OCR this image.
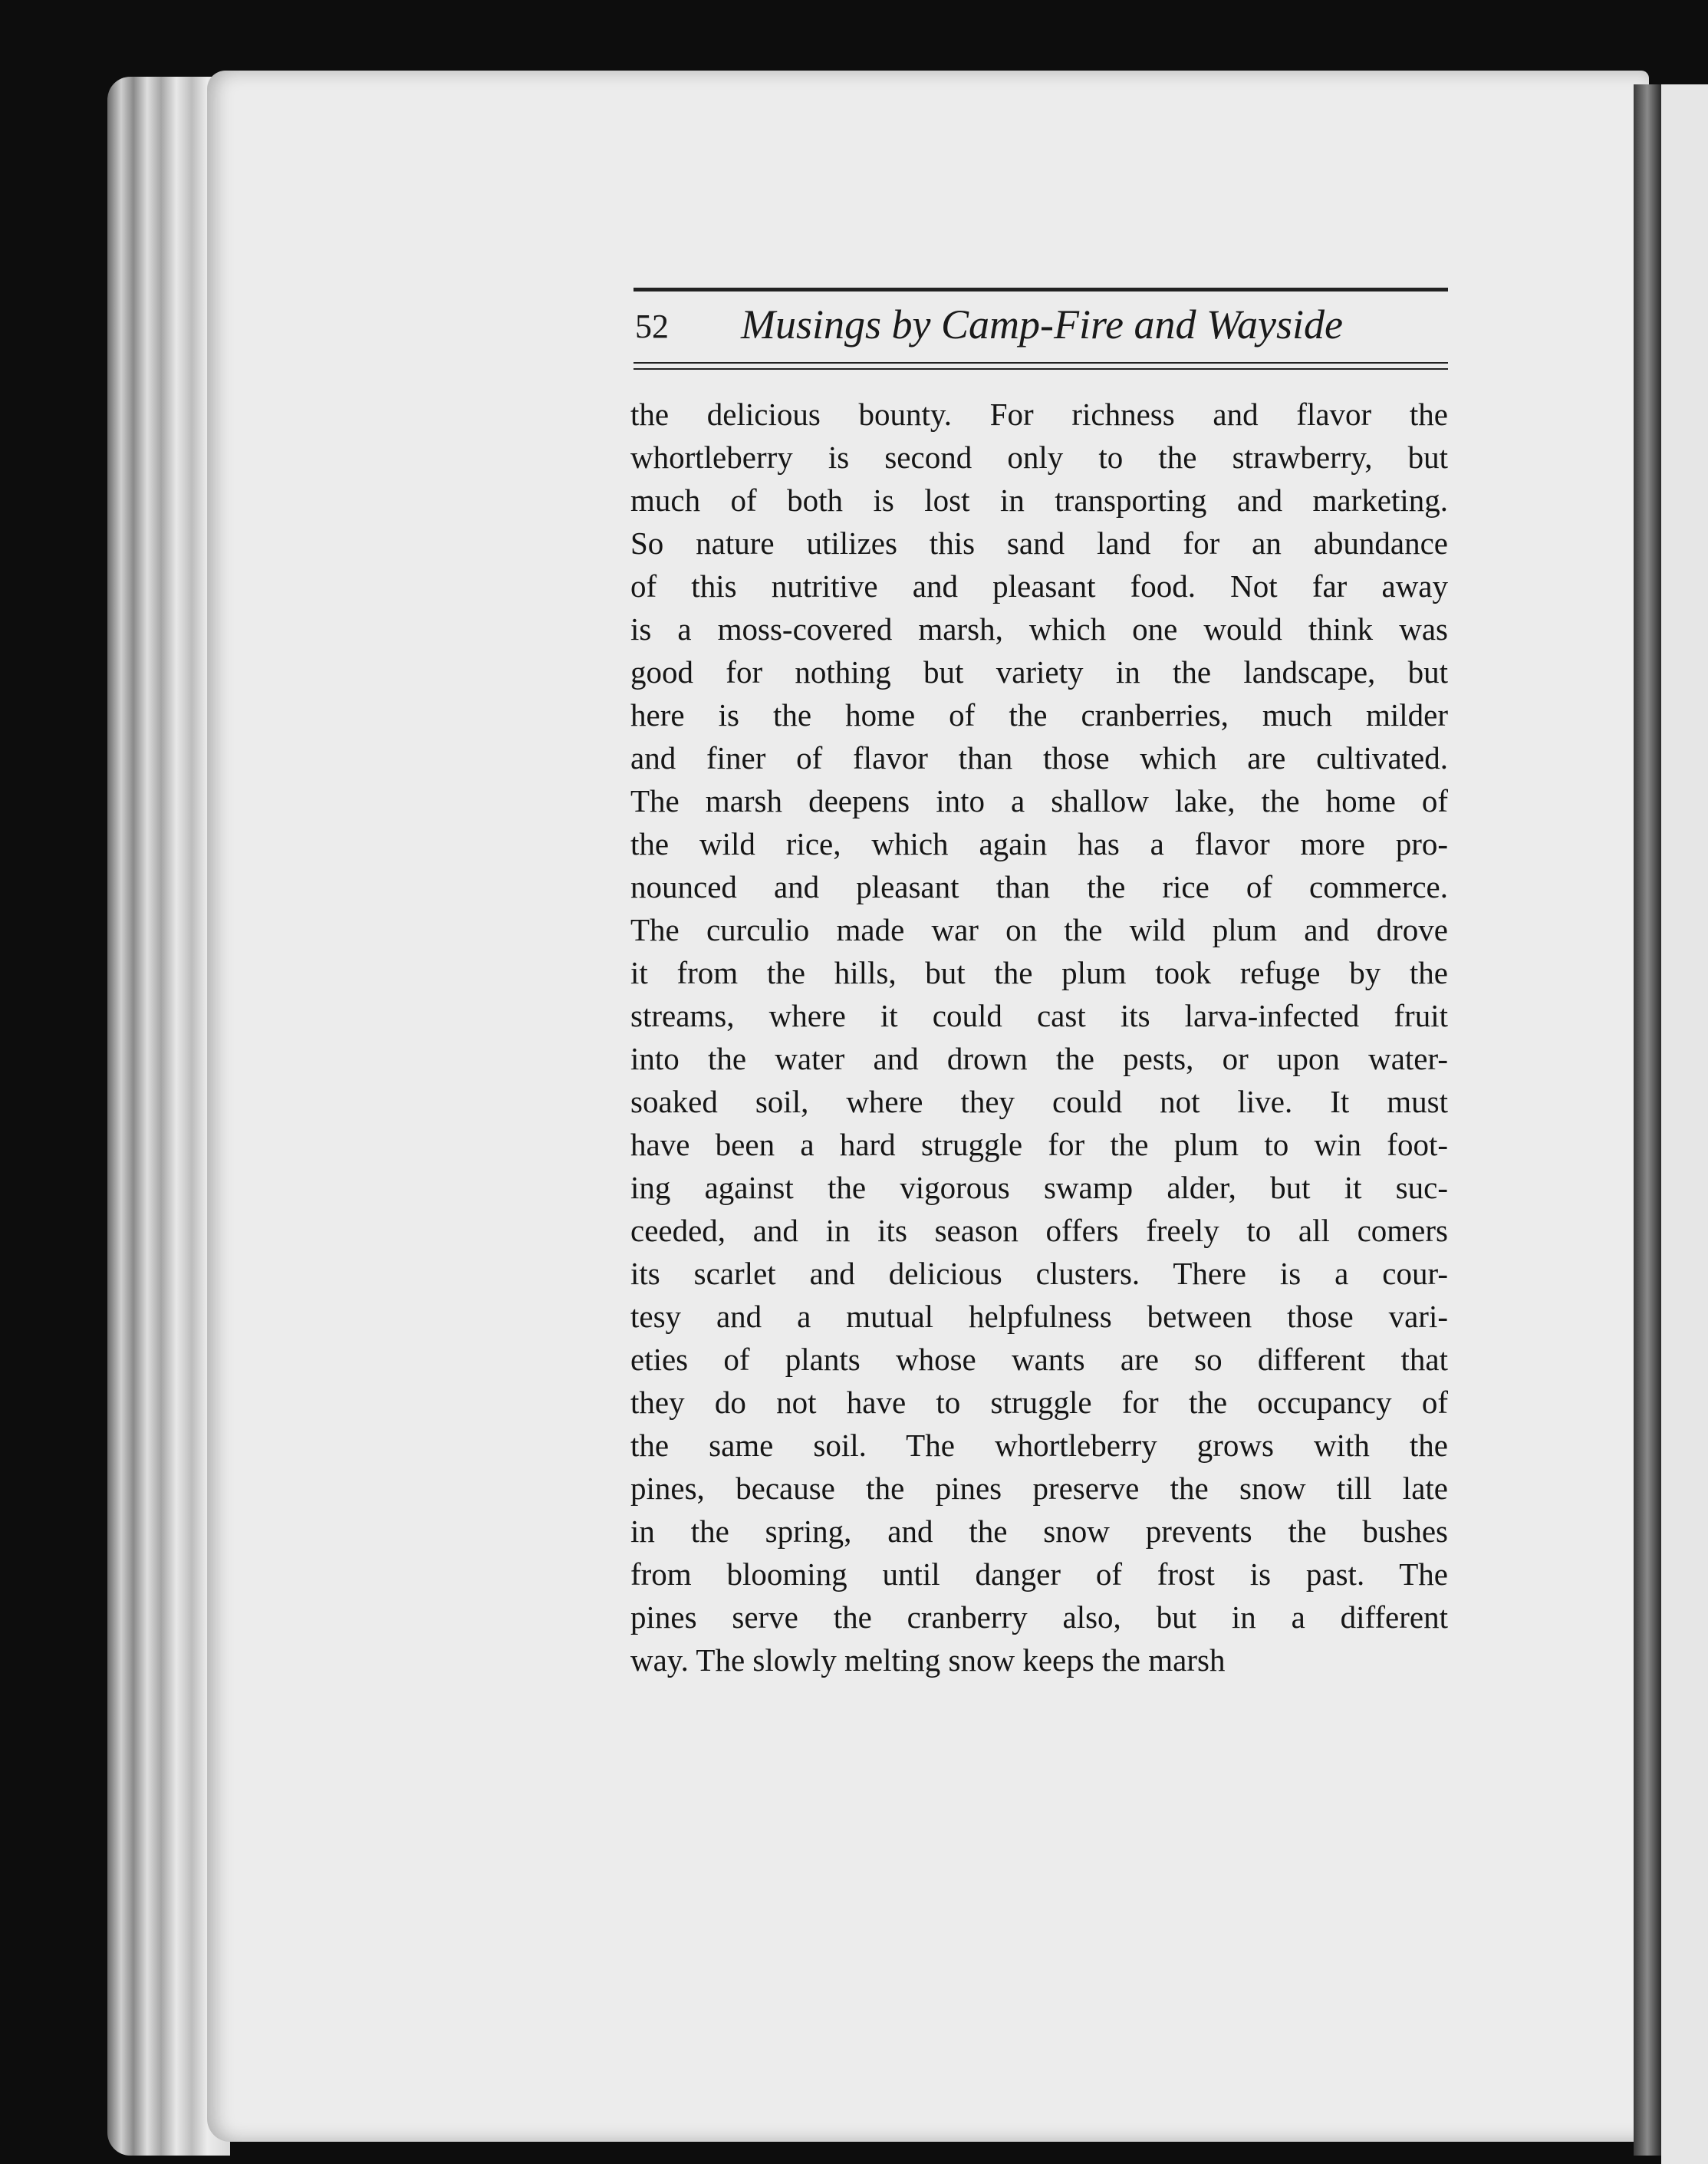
52 Musings by Camp-Fire and Wayside
the delicious bounty. For richness and flavor the
whortleberry is second only to the strawberry, but
much of both is lost in transporting and marketing.
So nature utilizes this sand land for an abundance
of this nutritive and pleasant food. Not far away
is a moss-covered marsh, which one would think was
good for nothing but variety in the landscape, but
here is the home of the cranberries, much milder
and finer of flavor than those which are cultivated.
The marsh deepens into a shallow lake, the home of
the wild rice, which again has a flavor more pro-
nounced and pleasant than the rice of commerce.
The curculio made war on the wild plum and drove
it from the hills, but the plum took refuge by the
streams, where it could cast its larva-infected fruit
into the water and drown the pests, or upon water-
soaked soil, where they could not live. It must
have been a hard struggle for the plum to win foot-
ing against the vigorous swamp alder, but it suc-
ceeded, and in its season offers freely to all comers
its scarlet and delicious clusters. There is a cour-
tesy and a mutual helpfulness between those vari-
eties of plants whose wants are so different that
they do not have to struggle for the occupancy of
the same soil. The whortleberry grows with the
pines, because the pines preserve the snow till late
in the spring, and the snow prevents the bushes
from blooming until danger of frost is past. The
pines serve the cranberry also, but in a different
way. The slowly melting snow keeps the marsh
